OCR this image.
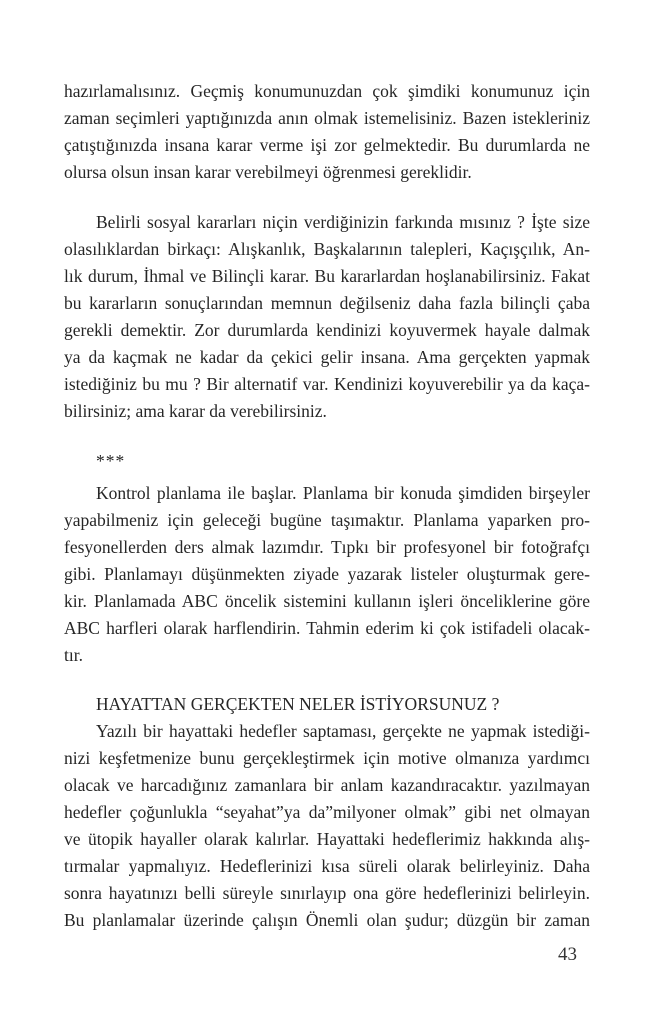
hazırlamalısınız. Geçmiş konumunuzdan çok şimdiki konumunuz için
zaman seçimleri yaptığınızda anın olmak istemelisiniz. Bazen istekleriniz
çatıştığınızda insana karar verme işi zor gelmektedir. Bu durumlarda ne
olursa olsun insan karar verebilmeyi öğrenmesi gereklidir.
Belirli sosyal kararları niçin verdiğinizin farkında mısınız ? İşte size
olasılıklardan birkaçı: Alışkanlık, Başkalarının talepleri, Kaçışçılık, An-
lık durum, İhmal ve Bilinçli karar. Bu kararlardan hoşlanabilirsiniz. Fakat
bu kararların sonuçlarından memnun değilseniz daha fazla bilinçli çaba
gerekli demektir. Zor durumlarda kendinizi koyuvermek hayale dalmak
ya da kaçmak ne kadar da çekici gelir insana. Ama gerçekten yapmak
istediğiniz bu mu ? Bir alternatif var. Kendinizi koyuverebilir ya da kaça-
bilirsiniz; ama karar da verebilirsiniz.
***
Kontrol planlama ile başlar. Planlama bir konuda şimdiden birşeyler
yapabilmeniz için geleceği bugüne taşımaktır. Planlama yaparken pro-
fesyonellerden ders almak lazımdır. Tıpkı bir profesyonel bir fotoğrafçı
gibi. Planlamayı düşünmekten ziyade yazarak listeler oluşturmak gere-
kir. Planlamada ABC öncelik sistemini kullanın işleri önceliklerine göre
ABC harfleri olarak harflendirin. Tahmin ederim ki çok istifadeli olacak-
tır.
HAYATTAN GERÇEKTEN NELER İSTİYORSUNUZ ?
Yazılı bir hayattaki hedefler saptaması, gerçekte ne yapmak istediği-
nizi keşfetmenize bunu gerçekleştirmek için motive olmanıza yardımcı
olacak ve harcadığınız zamanlara bir anlam kazandıracaktır. yazılmayan
hedefler çoğunlukla “seyahat”ya da”milyoner olmak” gibi net olmayan
ve ütopik hayaller olarak kalırlar. Hayattaki hedeflerimiz hakkında alış-
tırmalar yapmalıyız. Hedeflerinizi kısa süreli olarak belirleyiniz. Daha
sonra hayatınızı belli süreyle sınırlayıp ona göre hedeflerinizi belirleyin.
Bu planlamalar üzerinde çalışın Önemli olan şudur; düzgün bir zaman
43
